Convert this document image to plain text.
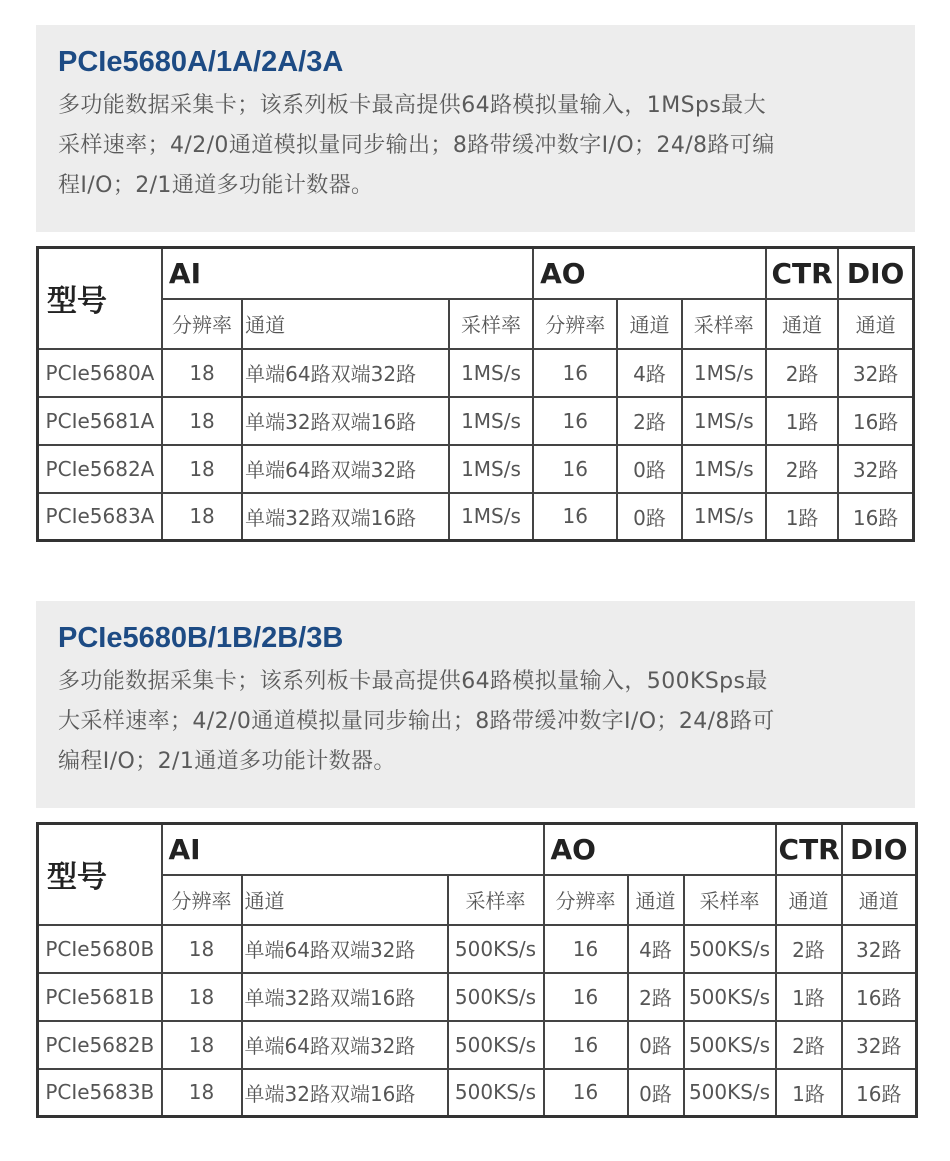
PCIe5680A/1A/2A/3A

多功能数据采集卡；该系列板卡最高提供64路模拟量输入，1MSps最大
采样速率；4/2/0通道模拟量同步输出；8路带缓冲数字I/O；24/8路可编
程I/O；2/1通道多功能计数器。

型号	AI			AO			CTR	DIO
	分辨率	通道	采样率	分辨率	通道	采样率	通道	通道
PCIe5680A	18	单端64路双端32路	1MS/s	16	4路	1MS/s	2路	32路
PCIe5681A	18	单端32路双端16路	1MS/s	16	2路	1MS/s	1路	16路
PCIe5682A	18	单端64路双端32路	1MS/s	16	0路	1MS/s	2路	32路
PCIe5683A	18	单端32路双端16路	1MS/s	16	0路	1MS/s	1路	16路
PCIe5680B/1B/2B/3B

多功能数据采集卡；该系列板卡最高提供64路模拟量输入，500KSps最
大采样速率；4/2/0通道模拟量同步输出；8路带缓冲数字I/O；24/8路可
编程I/O；2/1通道多功能计数器。

型号	AI			AO			CTR	DIO
	分辨率	通道	采样率	分辨率	通道	采样率	通道	通道
PCIe5680B	18	单端64路双端32路	500KS/s	16	4路	500KS/s	2路	32路
PCIe5681B	18	单端32路双端16路	500KS/s	16	2路	500KS/s	1路	16路
PCIe5682B	18	单端64路双端32路	500KS/s	16	0路	500KS/s	2路	32路
PCIe5683B	18	单端32路双端16路	500KS/s	16	0路	500KS/s	1路	16路
